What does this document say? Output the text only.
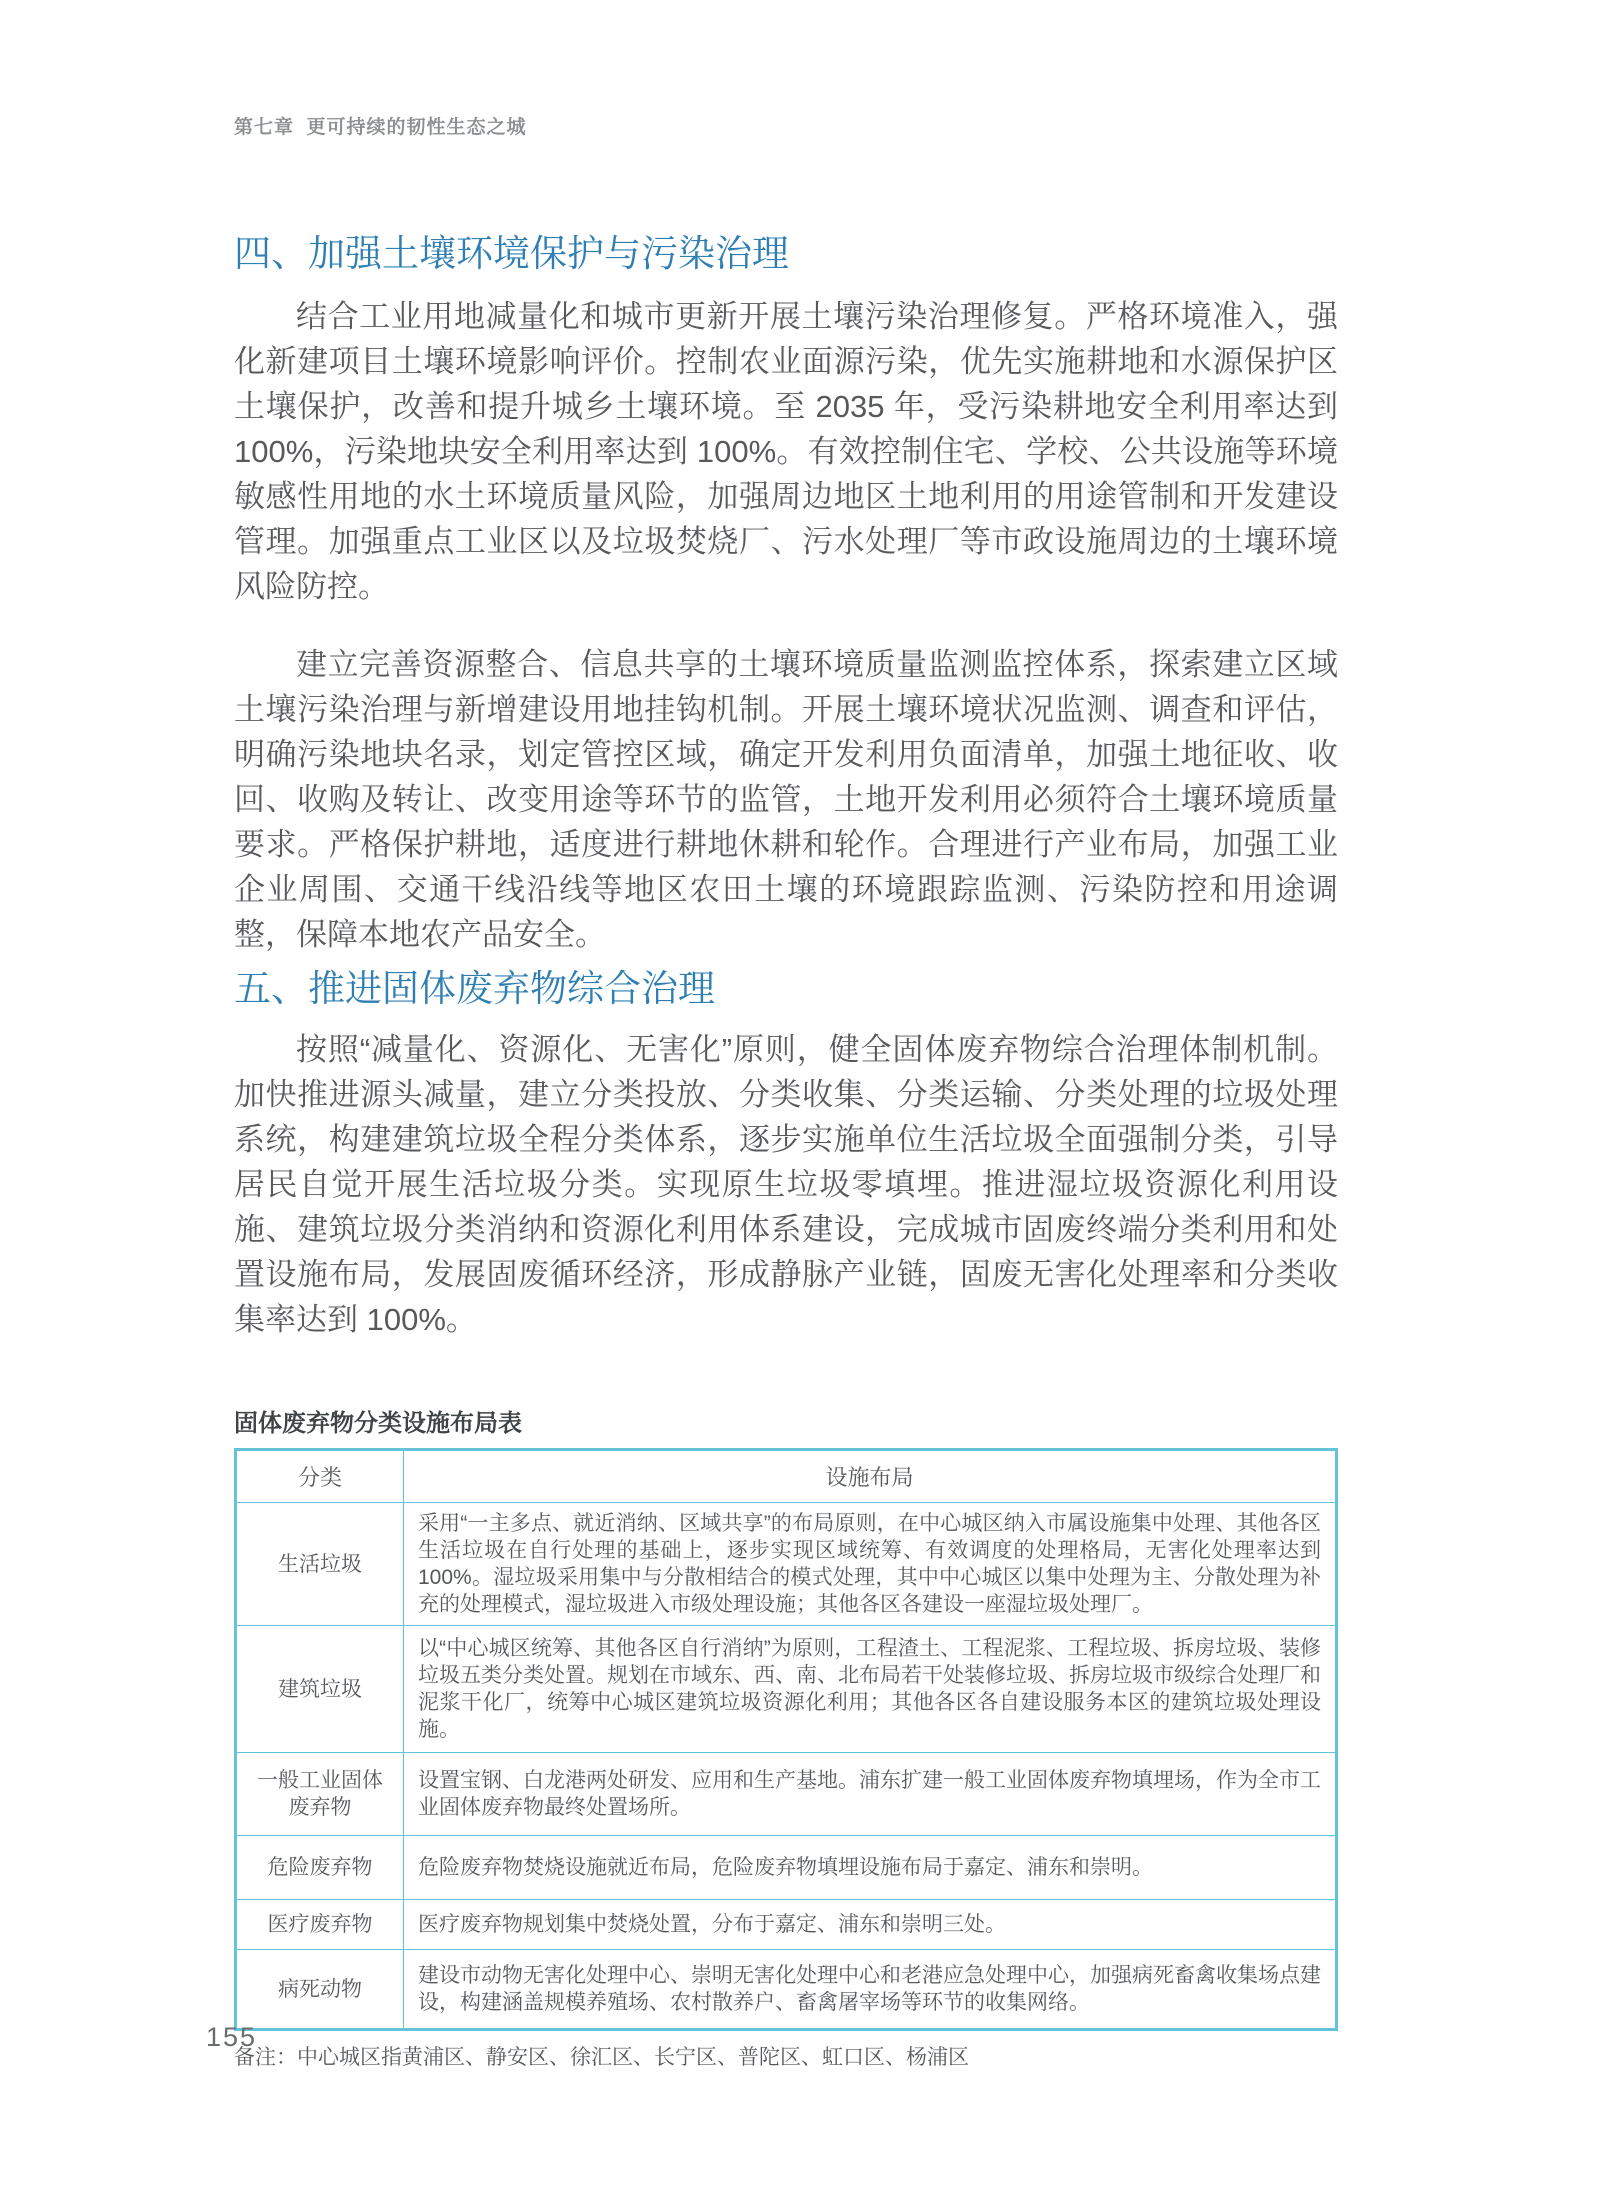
第七章  更可持续的韧性生态之城
四、加强土壤环境保护与污染治理

结合工业用地减量化和城市更新开展土壤污染治理修复。严格环境准入，强化新建项目土壤环境影响评价。控制农业面源污染，优先实施耕地和水源保护区土壤保护，改善和提升城乡土壤环境。至 2035 年，受污染耕地安全利用率达到 100%，污染地块安全利用率达到 100%。有效控制住宅、学校、公共设施等环境敏感性用地的水土环境质量风险，加强周边地区土地利用的用途管制和开发建设管理。加强重点工业区以及垃圾焚烧厂、污水处理厂等市政设施周边的土壤环境风险防控。

建立完善资源整合、信息共享的土壤环境质量监测监控体系，探索建立区域土壤污染治理与新增建设用地挂钩机制。开展土壤环境状况监测、调查和评估，明确污染地块名录，划定管控区域，确定开发利用负面清单，加强土地征收、收回、收购及转让、改变用途等环节的监管，土地开发利用必须符合土壤环境质量要求。严格保护耕地，适度进行耕地休耕和轮作。合理进行产业布局，加强工业企业周围、交通干线沿线等地区农田土壤的环境跟踪监测、污染防控和用途调整，保障本地农产品安全。

五、推进固体废弃物综合治理

按照“减量化、资源化、无害化”原则，健全固体废弃物综合治理体制机制。加快推进源头减量，建立分类投放、分类收集、分类运输、分类处理的垃圾处理系统，构建建筑垃圾全程分类体系，逐步实施单位生活垃圾全面强制分类，引导居民自觉开展生活垃圾分类。实现原生垃圾零填埋。推进湿垃圾资源化利用设施、建筑垃圾分类消纳和资源化利用体系建设，完成城市固废终端分类利用和处置设施布局，发展固废循环经济，形成静脉产业链，固废无害化处理率和分类收集率达到 100%。

固体废弃物分类设施布局表
分类	设施布局
生活垃圾	采用“一主多点、就近消纳、区域共享”的布局原则，在中心城区纳入市属设施集中处理、其他各区生活垃圾在自行处理的基础上，逐步实现区域统筹、有效调度的处理格局，无害化处理率达到 100%。湿垃圾采用集中与分散相结合的模式处理，其中中心城区以集中处理为主、分散处理为补充的处理模式，湿垃圾进入市级处理设施；其他各区各建设一座湿垃圾处理厂。
建筑垃圾	以“中心城区统筹、其他各区自行消纳”为原则，工程渣土、工程泥浆、工程垃圾、拆房垃圾、装修垃圾五类分类处置。规划在市域东、西、南、北布局若干处装修垃圾、拆房垃圾市级综合处理厂和泥浆干化厂，统筹中心城区建筑垃圾资源化利用；其他各区各自建设服务本区的建筑垃圾处理设施。
一般工业固体废弃物	设置宝钢、白龙港两处研发、应用和生产基地。浦东扩建一般工业固体废弃物填埋场，作为全市工业固体废弃物最终处置场所。
危险废弃物	危险废弃物焚烧设施就近布局，危险废弃物填埋设施布局于嘉定、浦东和崇明。
医疗废弃物	医疗废弃物规划集中焚烧处置，分布于嘉定、浦东和崇明三处。
病死动物	建设市动物无害化处理中心、崇明无害化处理中心和老港应急处理中心，加强病死畜禽收集场点建设，构建涵盖规模养殖场、农村散养户、畜禽屠宰场等环节的收集网络。
备注：中心城区指黄浦区、静安区、徐汇区、长宁区、普陀区、虹口区、杨浦区
155
